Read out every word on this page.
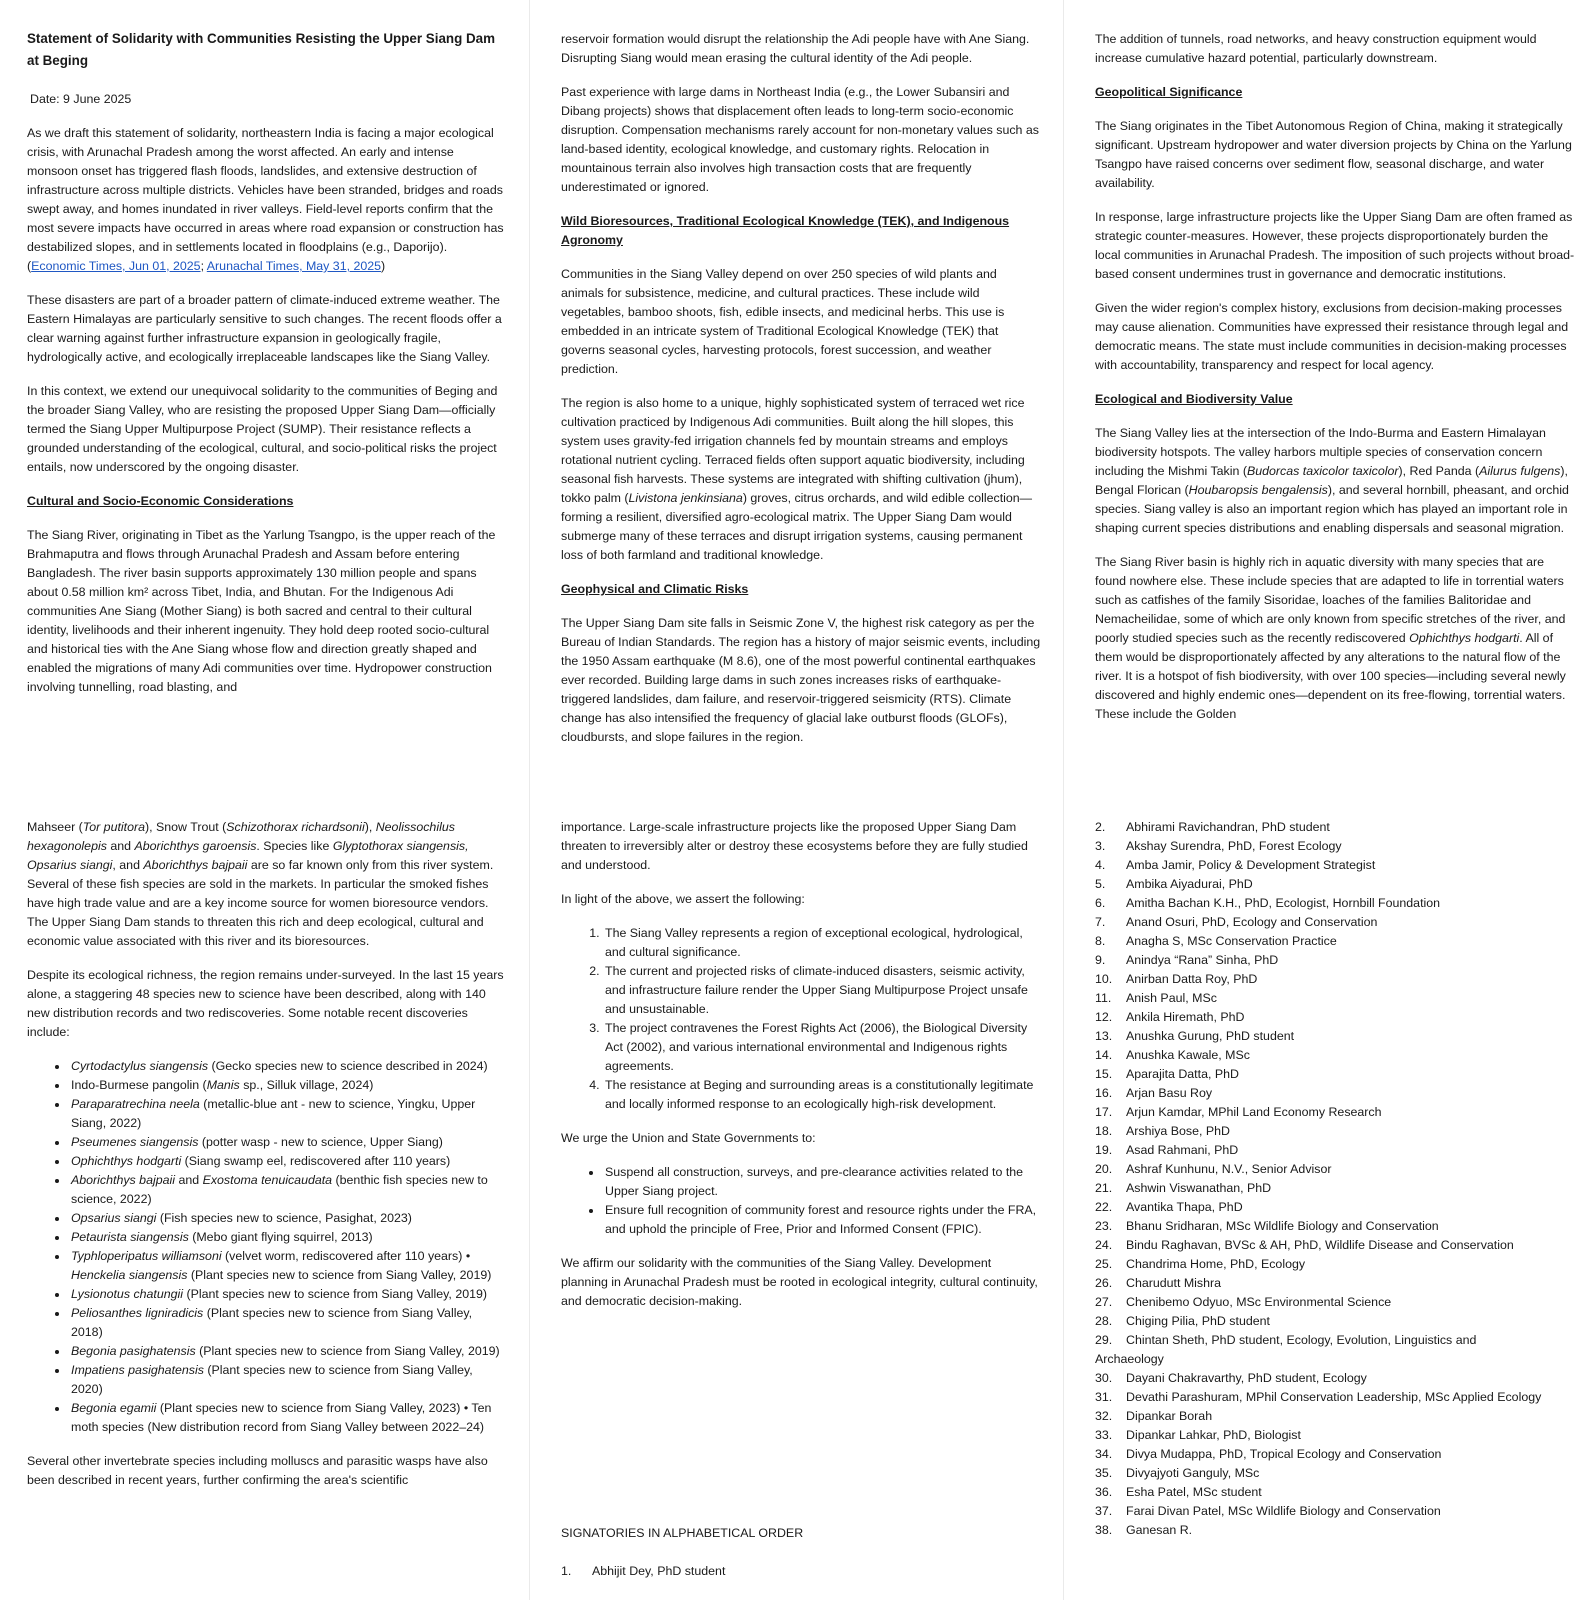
Statement of Solidarity with Communities Resisting the Upper Siang Dam at Beging

Date: 9 June 2025

As we draft this statement of solidarity, northeastern India is facing a major ecological crisis, with Arunachal Pradesh among the worst affected. An early and intense monsoon onset has triggered flash floods, landslides, and extensive destruction of infrastructure across multiple districts. Vehicles have been stranded, bridges and roads swept away, and homes inundated in river valleys. Field-level reports confirm that the most severe impacts have occurred in areas where road expansion or construction has destabilized slopes, and in settlements located in floodplains (e.g., Daporijo). (Economic Times, Jun 01, 2025; Arunachal Times, May 31, 2025)

These disasters are part of a broader pattern of climate-induced extreme weather. The Eastern Himalayas are particularly sensitive to such changes. The recent floods offer a clear warning against further infrastructure expansion in geologically fragile, hydrologically active, and ecologically irreplaceable landscapes like the Siang Valley.

In this context, we extend our unequivocal solidarity to the communities of Beging and the broader Siang Valley, who are resisting the proposed Upper Siang Dam—officially termed the Siang Upper Multipurpose Project (SUMP). Their resistance reflects a grounded understanding of the ecological, cultural, and socio-political risks the project entails, now underscored by the ongoing disaster.

Cultural and Socio-Economic Considerations

The Siang River, originating in Tibet as the Yarlung Tsangpo, is the upper reach of the Brahmaputra and flows through Arunachal Pradesh and Assam before entering Bangladesh. The river basin supports approximately 130 million people and spans about 0.58 million km² across Tibet, India, and Bhutan. For the Indigenous Adi communities Ane Siang (Mother Siang) is both sacred and central to their cultural identity, livelihoods and their inherent ingenuity. They hold deep rooted socio-cultural and historical ties with the Ane Siang whose flow and direction greatly shaped and enabled the migrations of many Adi communities over time. Hydropower construction involving tunnelling, road blasting, and

reservoir formation would disrupt the relationship the Adi people have with Ane Siang. Disrupting Siang would mean erasing the cultural identity of the Adi people.

Past experience with large dams in Northeast India (e.g., the Lower Subansiri and Dibang projects) shows that displacement often leads to long-term socio-economic disruption. Compensation mechanisms rarely account for non-monetary values such as land-based identity, ecological knowledge, and customary rights. Relocation in mountainous terrain also involves high transaction costs that are frequently underestimated or ignored.

Wild Bioresources, Traditional Ecological Knowledge (TEK), and Indigenous Agronomy

Communities in the Siang Valley depend on over 250 species of wild plants and animals for subsistence, medicine, and cultural practices. These include wild vegetables, bamboo shoots, fish, edible insects, and medicinal herbs. This use is embedded in an intricate system of Traditional Ecological Knowledge (TEK) that governs seasonal cycles, harvesting protocols, forest succession, and weather prediction.

The region is also home to a unique, highly sophisticated system of terraced wet rice cultivation practiced by Indigenous Adi communities. Built along the hill slopes, this system uses gravity-fed irrigation channels fed by mountain streams and employs rotational nutrient cycling. Terraced fields often support aquatic biodiversity, including seasonal fish harvests. These systems are integrated with shifting cultivation (jhum), tokko palm (Livistona jenkinsiana) groves, citrus orchards, and wild edible collection—forming a resilient, diversified agro-ecological matrix. The Upper Siang Dam would submerge many of these terraces and disrupt irrigation systems, causing permanent loss of both farmland and traditional knowledge.

Geophysical and Climatic Risks

The Upper Siang Dam site falls in Seismic Zone V, the highest risk category as per the Bureau of Indian Standards. The region has a history of major seismic events, including the 1950 Assam earthquake (M 8.6), one of the most powerful continental earthquakes ever recorded. Building large dams in such zones increases risks of earthquake-triggered landslides, dam failure, and reservoir-triggered seismicity (RTS). Climate change has also intensified the frequency of glacial lake outburst floods (GLOFs), cloudbursts, and slope failures in the region.

The addition of tunnels, road networks, and heavy construction equipment would increase cumulative hazard potential, particularly downstream.

Geopolitical Significance

The Siang originates in the Tibet Autonomous Region of China, making it strategically significant. Upstream hydropower and water diversion projects by China on the Yarlung Tsangpo have raised concerns over sediment flow, seasonal discharge, and water availability.

In response, large infrastructure projects like the Upper Siang Dam are often framed as strategic counter-measures. However, these projects disproportionately burden the local communities in Arunachal Pradesh. The imposition of such projects without broad-based consent undermines trust in governance and democratic institutions.

Given the wider region's complex history, exclusions from decision-making processes may cause alienation. Communities have expressed their resistance through legal and democratic means. The state must include communities in decision-making processes with accountability, transparency and respect for local agency.

Ecological and Biodiversity Value

The Siang Valley lies at the intersection of the Indo-Burma and Eastern Himalayan biodiversity hotspots. The valley harbors multiple species of conservation concern including the Mishmi Takin (Budorcas taxicolor taxicolor), Red Panda (Ailurus fulgens), Bengal Florican (Houbaropsis bengalensis), and several hornbill, pheasant, and orchid species. Siang valley is also an important region which has played an important role in shaping current species distributions and enabling dispersals and seasonal migration.

The Siang River basin is highly rich in aquatic diversity with many species that are found nowhere else. These include species that are adapted to life in torrential waters such as catfishes of the family Sisoridae, loaches of the families Balitoridae and Nemacheilidae, some of which are only known from specific stretches of the river, and poorly studied species such as the recently rediscovered Ophichthys hodgarti. All of them would be disproportionately affected by any alterations to the natural flow of the river. It is a hotspot of fish biodiversity, with over 100 species—including several newly discovered and highly endemic ones—dependent on its free-flowing, torrential waters. These include the Golden

Mahseer (Tor putitora), Snow Trout (Schizothorax richardsonii), Neolissochilus hexagonolepis and Aborichthys garoensis. Species like Glyptothorax siangensis, Opsarius siangi, and Aborichthys bajpaii are so far known only from this river system. Several of these fish species are sold in the markets. In particular the smoked fishes have high trade value and are a key income source for women bioresource vendors. The Upper Siang Dam stands to threaten this rich and deep ecological, cultural and economic value associated with this river and its bioresources.

Despite its ecological richness, the region remains under-surveyed. In the last 15 years alone, a staggering 48 species new to science have been described, along with 140 new distribution records and two rediscoveries. Some notable recent discoveries include:

• Cyrtodactylus siangensis (Gecko species new to science described in 2024)
• Indo-Burmese pangolin (Manis sp., Silluk village, 2024)
• Paraparatrechina neela (metallic-blue ant - new to science, Yingku, Upper Siang, 2022)
• Pseumenes siangensis (potter wasp - new to science, Upper Siang)
• Ophichthys hodgarti (Siang swamp eel, rediscovered after 110 years)
• Aborichthys bajpaii and Exostoma tenuicaudata (benthic fish species new to science, 2022)
• Opsarius siangi (Fish species new to science, Pasighat, 2023)
• Petaurista siangensis (Mebo giant flying squirrel, 2013)
• Typhloperipatus williamsoni (velvet worm, rediscovered after 110 years) • Henckelia siangensis (Plant species new to science from Siang Valley, 2019)
• Lysionotus chatungii (Plant species new to science from Siang Valley, 2019)
• Peliosanthes ligniradicis (Plant species new to science from Siang Valley, 2018)
• Begonia pasighatensis (Plant species new to science from Siang Valley, 2019)
• Impatiens pasighatensis (Plant species new to science from Siang Valley, 2020)
• Begonia egamii (Plant species new to science from Siang Valley, 2023) • Ten moth species (New distribution record from Siang Valley between 2022–24)

Several other invertebrate species including molluscs and parasitic wasps have also been described in recent years, further confirming the area's scientific

importance. Large-scale infrastructure projects like the proposed Upper Siang Dam threaten to irreversibly alter or destroy these ecosystems before they are fully studied and understood.

In light of the above, we assert the following:

1. The Siang Valley represents a region of exceptional ecological, hydrological, and cultural significance.
2. The current and projected risks of climate-induced disasters, seismic activity, and infrastructure failure render the Upper Siang Multipurpose Project unsafe and unsustainable.
3. The project contravenes the Forest Rights Act (2006), the Biological Diversity Act (2002), and various international environmental and Indigenous rights agreements.
4. The resistance at Beging and surrounding areas is a constitutionally legitimate and locally informed response to an ecologically high-risk development.

We urge the Union and State Governments to:

• Suspend all construction, surveys, and pre-clearance activities related to the Upper Siang project.
• Ensure full recognition of community forest and resource rights under the FRA, and uphold the principle of Free, Prior and Informed Consent (FPIC).

We affirm our solidarity with the communities of the Siang Valley. Development planning in Arunachal Pradesh must be rooted in ecological integrity, cultural continuity, and democratic decision-making.

SIGNATORIES IN ALPHABETICAL ORDER

1.	Abhijit Dey, PhD student
2. Abhirami Ravichandran, PhD student
3. Akshay Surendra, PhD, Forest Ecology
4. Amba Jamir, Policy & Development Strategist
5. Ambika Aiyadurai, PhD
6. Amitha Bachan K.H., PhD, Ecologist, Hornbill Foundation
7. Anand Osuri, PhD, Ecology and Conservation
8. Anagha S, MSc Conservation Practice
9. Anindya “Rana” Sinha, PhD
10. Anirban Datta Roy, PhD
11. Anish Paul, MSc
12. Ankila Hiremath, PhD
13. Anushka Gurung, PhD student
14. Anushka Kawale, MSc
15. Aparajita Datta, PhD
16. Arjan Basu Roy
17. Arjun Kamdar, MPhil Land Economy Research
18. Arshiya Bose, PhD
19. Asad Rahmani, PhD
20. Ashraf Kunhunu, N.V., Senior Advisor
21. Ashwin Viswanathan, PhD
22. Avantika Thapa, PhD
23. Bhanu Sridharan, MSc Wildlife Biology and Conservation
24. Bindu Raghavan, BVSc & AH, PhD, Wildlife Disease and Conservation
25. Chandrima Home, PhD, Ecology
26. Charudutt Mishra
27. Chenibemo Odyuo, MSc Environmental Science
28. Chiging Pilia, PhD student
29. Chintan Sheth, PhD student, Ecology, Evolution, Linguistics and
Archaeology
30. Dayani Chakravarthy, PhD student, Ecology
31. Devathi Parashuram, MPhil Conservation Leadership, MSc Applied Ecology
32. Dipankar Borah
33. Dipankar Lahkar, PhD, Biologist
34. Divya Mudappa, PhD, Tropical Ecology and Conservation
35. Divyajyoti Ganguly, MSc
36. Esha Patel, MSc student
37. Farai Divan Patel, MSc Wildlife Biology and Conservation
38. Ganesan R.
